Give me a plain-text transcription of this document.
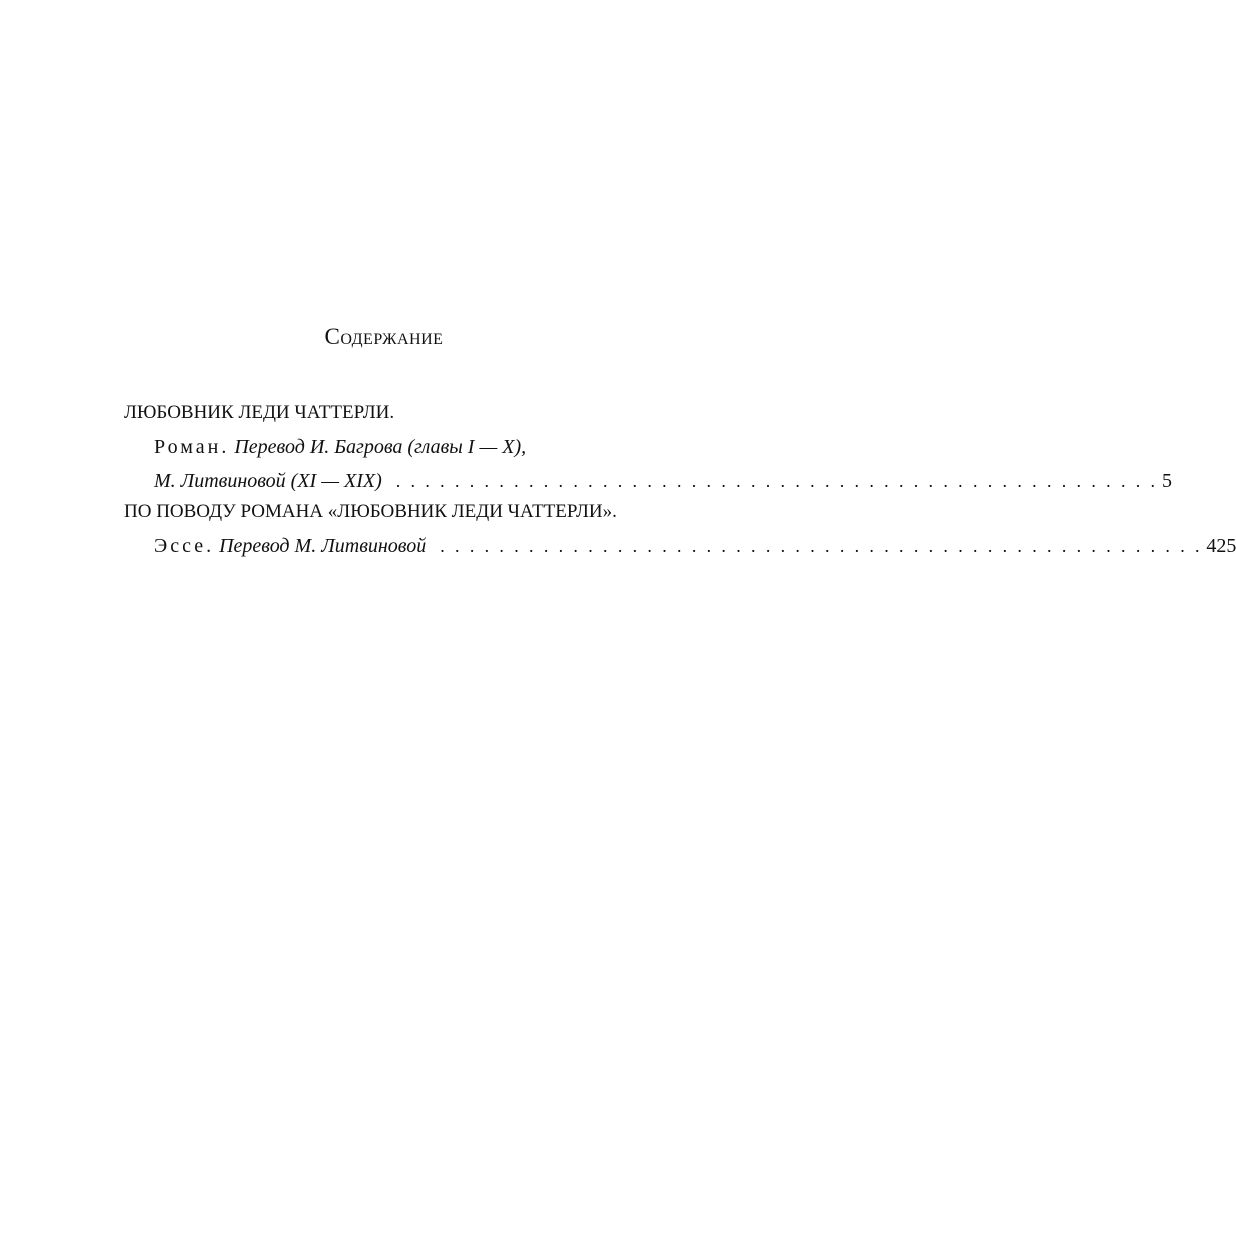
Содержание
ЛЮБОВНИК ЛЕДИ ЧАТТЕРЛИ.
Роман. Перевод И. Багрова (главы I — X),
М. Литвиновой (XI — XIX) . . . . . . . . . . . . . . . . . . . . . . . . . . . . . . . . . . . . . . . . . . . . . . . . . . . . 5
ПО ПОВОДУ РОМАНА «ЛЮБОВНИК ЛЕДИ ЧАТТЕРЛИ».
Эссе. Перевод М. Литвиновой . . . . . . . . . . . . . . . . . . . . . . . . . . . . . . . . . . . . . . . . . . . . . . . . . . . . 425
